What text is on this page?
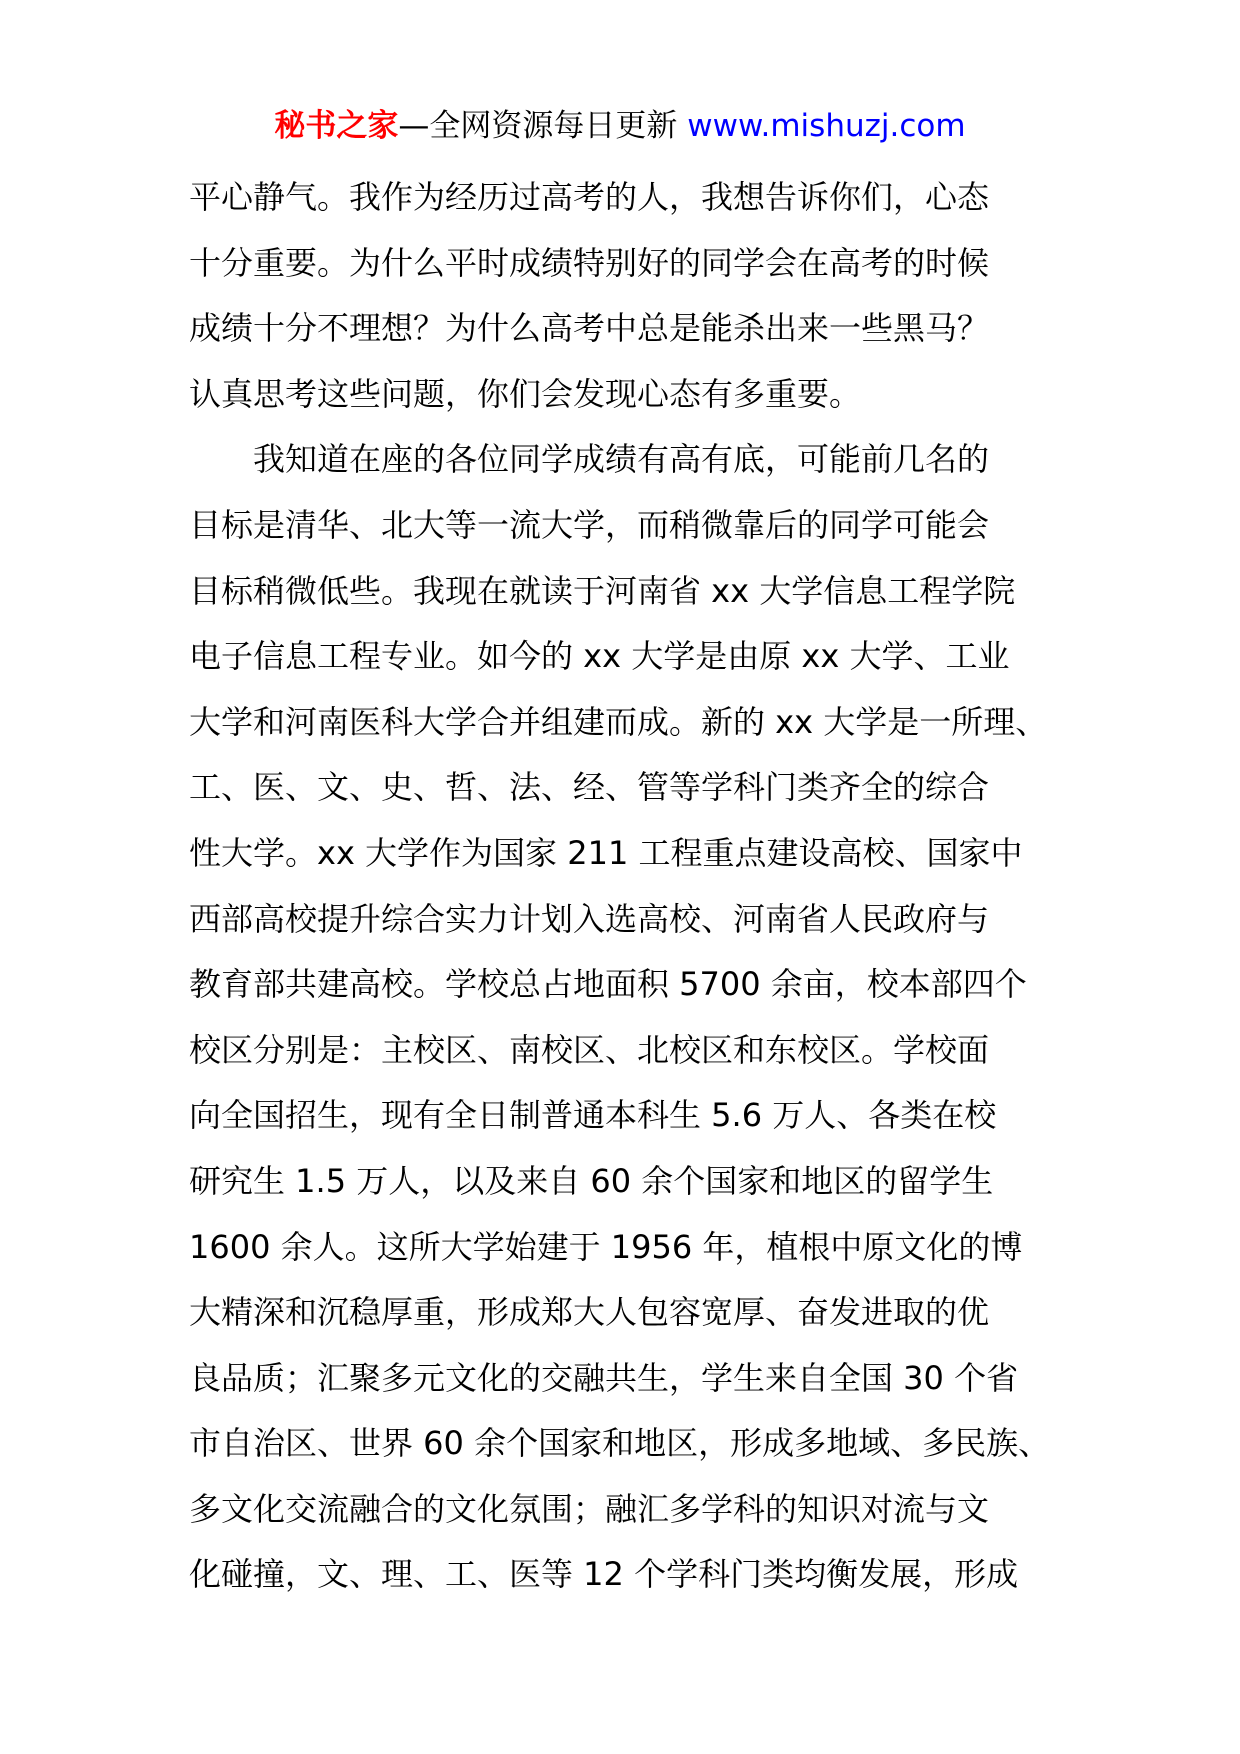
秘书之家—全网资源每日更新 www.mishuzj.com
平心静气。我作为经历过高考的人，我想告诉你们，心态
十分重要。为什么平时成绩特别好的同学会在高考的时候
成绩十分不理想？为什么高考中总是能杀出来一些黑马？
认真思考这些问题，你们会发现心态有多重要。
我知道在座的各位同学成绩有高有底，可能前几名的
目标是清华、北大等一流大学，而稍微靠后的同学可能会
目标稍微低些。我现在就读于河南省 xx 大学信息工程学院
电子信息工程专业。如今的 xx 大学是由原 xx 大学、工业
大学和河南医科大学合并组建而成。新的 xx 大学是一所理、
工、医、文、史、哲、法、经、管等学科门类齐全的综合
性大学。xx 大学作为国家 211 工程重点建设高校、国家中
西部高校提升综合实力计划入选高校、河南省人民政府与
教育部共建高校。学校总占地面积 5700 余亩，校本部四个
校区分别是：主校区、南校区、北校区和东校区。学校面
向全国招生，现有全日制普通本科生 5.6 万人、各类在校
研究生 1.5 万人，以及来自 60 余个国家和地区的留学生
1600 余人。这所大学始建于 1956 年，植根中原文化的博
大精深和沉稳厚重，形成郑大人包容宽厚、奋发进取的优
良品质；汇聚多元文化的交融共生，学生来自全国 30 个省
市自治区、世界 60 余个国家和地区，形成多地域、多民族、
多文化交流融合的文化氛围；融汇多学科的知识对流与文
化碰撞，文、理、工、医等 12 个学科门类均衡发展，形成
